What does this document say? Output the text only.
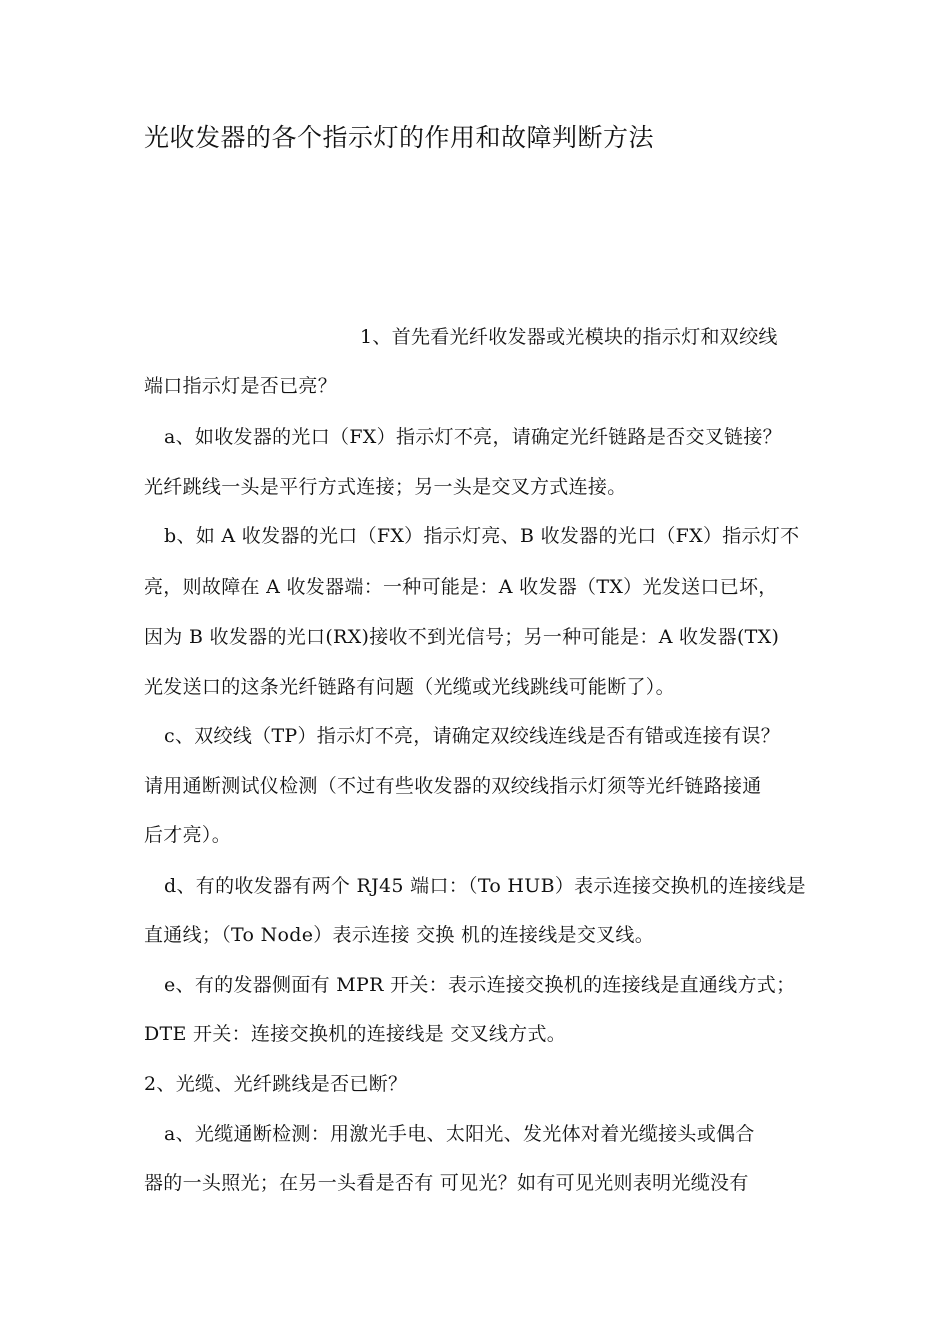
光收发器的各个指示灯的作用和故障判断方法
1、首先看光纤收发器或光模块的指示灯和双绞线
端口指示灯是否已亮？
a、如收发器的光口（FX）指示灯不亮，请确定光纤链路是否交叉链接？
光纤跳线一头是平行方式连接；另一头是交叉方式连接。
b、如 A 收发器的光口（FX）指示灯亮、B 收发器的光口（FX）指示灯不
亮，则故障在 A 收发器端：一种可能是：A 收发器（TX）光发送口已坏，
因为 B 收发器的光口(RX)接收不到光信号；另一种可能是：A 收发器(TX)
光发送口的这条光纤链路有问题（光缆或光线跳线可能断了）。
c、双绞线（TP）指示灯不亮，请确定双绞线连线是否有错或连接有误？
请用通断测试仪检测（不过有些收发器的双绞线指示灯须等光纤链路接通
后才亮）。
d、有的收发器有两个 RJ45 端口：（To HUB）表示连接交换机的连接线是
直通线；（To Node）表示连接 交换 机的连接线是交叉线。
e、有的发器侧面有 MPR 开关：表示连接交换机的连接线是直通线方式；
DTE 开关：连接交换机的连接线是 交叉线方式。
2、光缆、光纤跳线是否已断？
a、光缆通断检测：用激光手电、太阳光、发光体对着光缆接头或偶合
器的一头照光；在另一头看是否有 可见光？如有可见光则表明光缆没有
